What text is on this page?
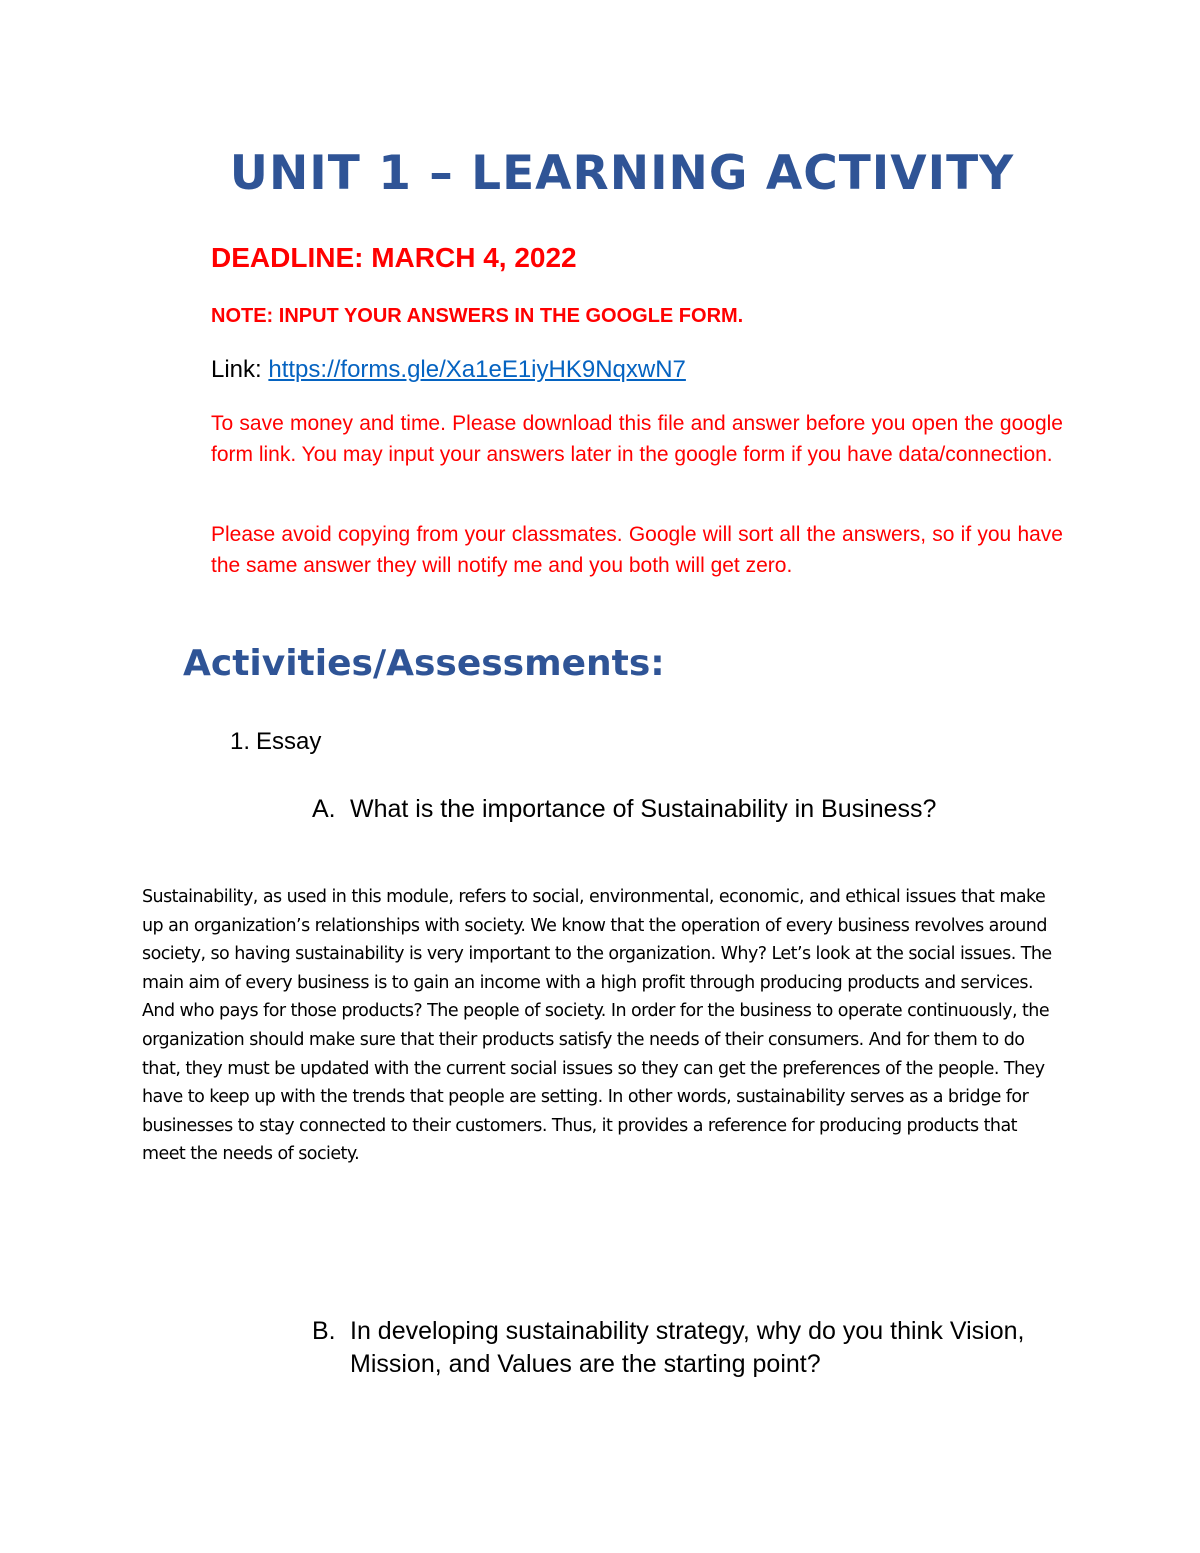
UNIT 1 – LEARNING ACTIVITY

DEADLINE: MARCH 4, 2022

NOTE: INPUT YOUR ANSWERS IN THE GOOGLE FORM.

Link: https://forms.gle/Xa1eE1iyHK9NqxwN7

To save money and time. Please download this file and answer before you open the google form link. You may input your answers later in the google form if you have data/connection.

Please avoid copying from your classmates. Google will sort all the answers, so if you have the same answer they will notify me and you both will get zero.

Activities/Assessments:
1. Essay
A. What is the importance of Sustainability in Business?

Sustainability, as used in this module, refers to social, environmental, economic, and ethical issues that make up an organization’s relationships with society. We know that the operation of every business revolves around society, so having sustainability is very important to the organization. Why? Let’s look at the social issues. The main aim of every business is to gain an income with a high profit through producing products and services. And who pays for those products? The people of society. In order for the business to operate continuously, the organization should make sure that their products satisfy the needs of their consumers. And for them to do that, they must be updated with the current social issues so they can get the preferences of the people. They have to keep up with the trends that people are setting. In other words, sustainability serves as a bridge for businesses to stay connected to their customers. Thus, it provides a reference for producing products that meet the needs of society.

B. In developing sustainability strategy, why do you think Vision, Mission, and Values are the starting point?
